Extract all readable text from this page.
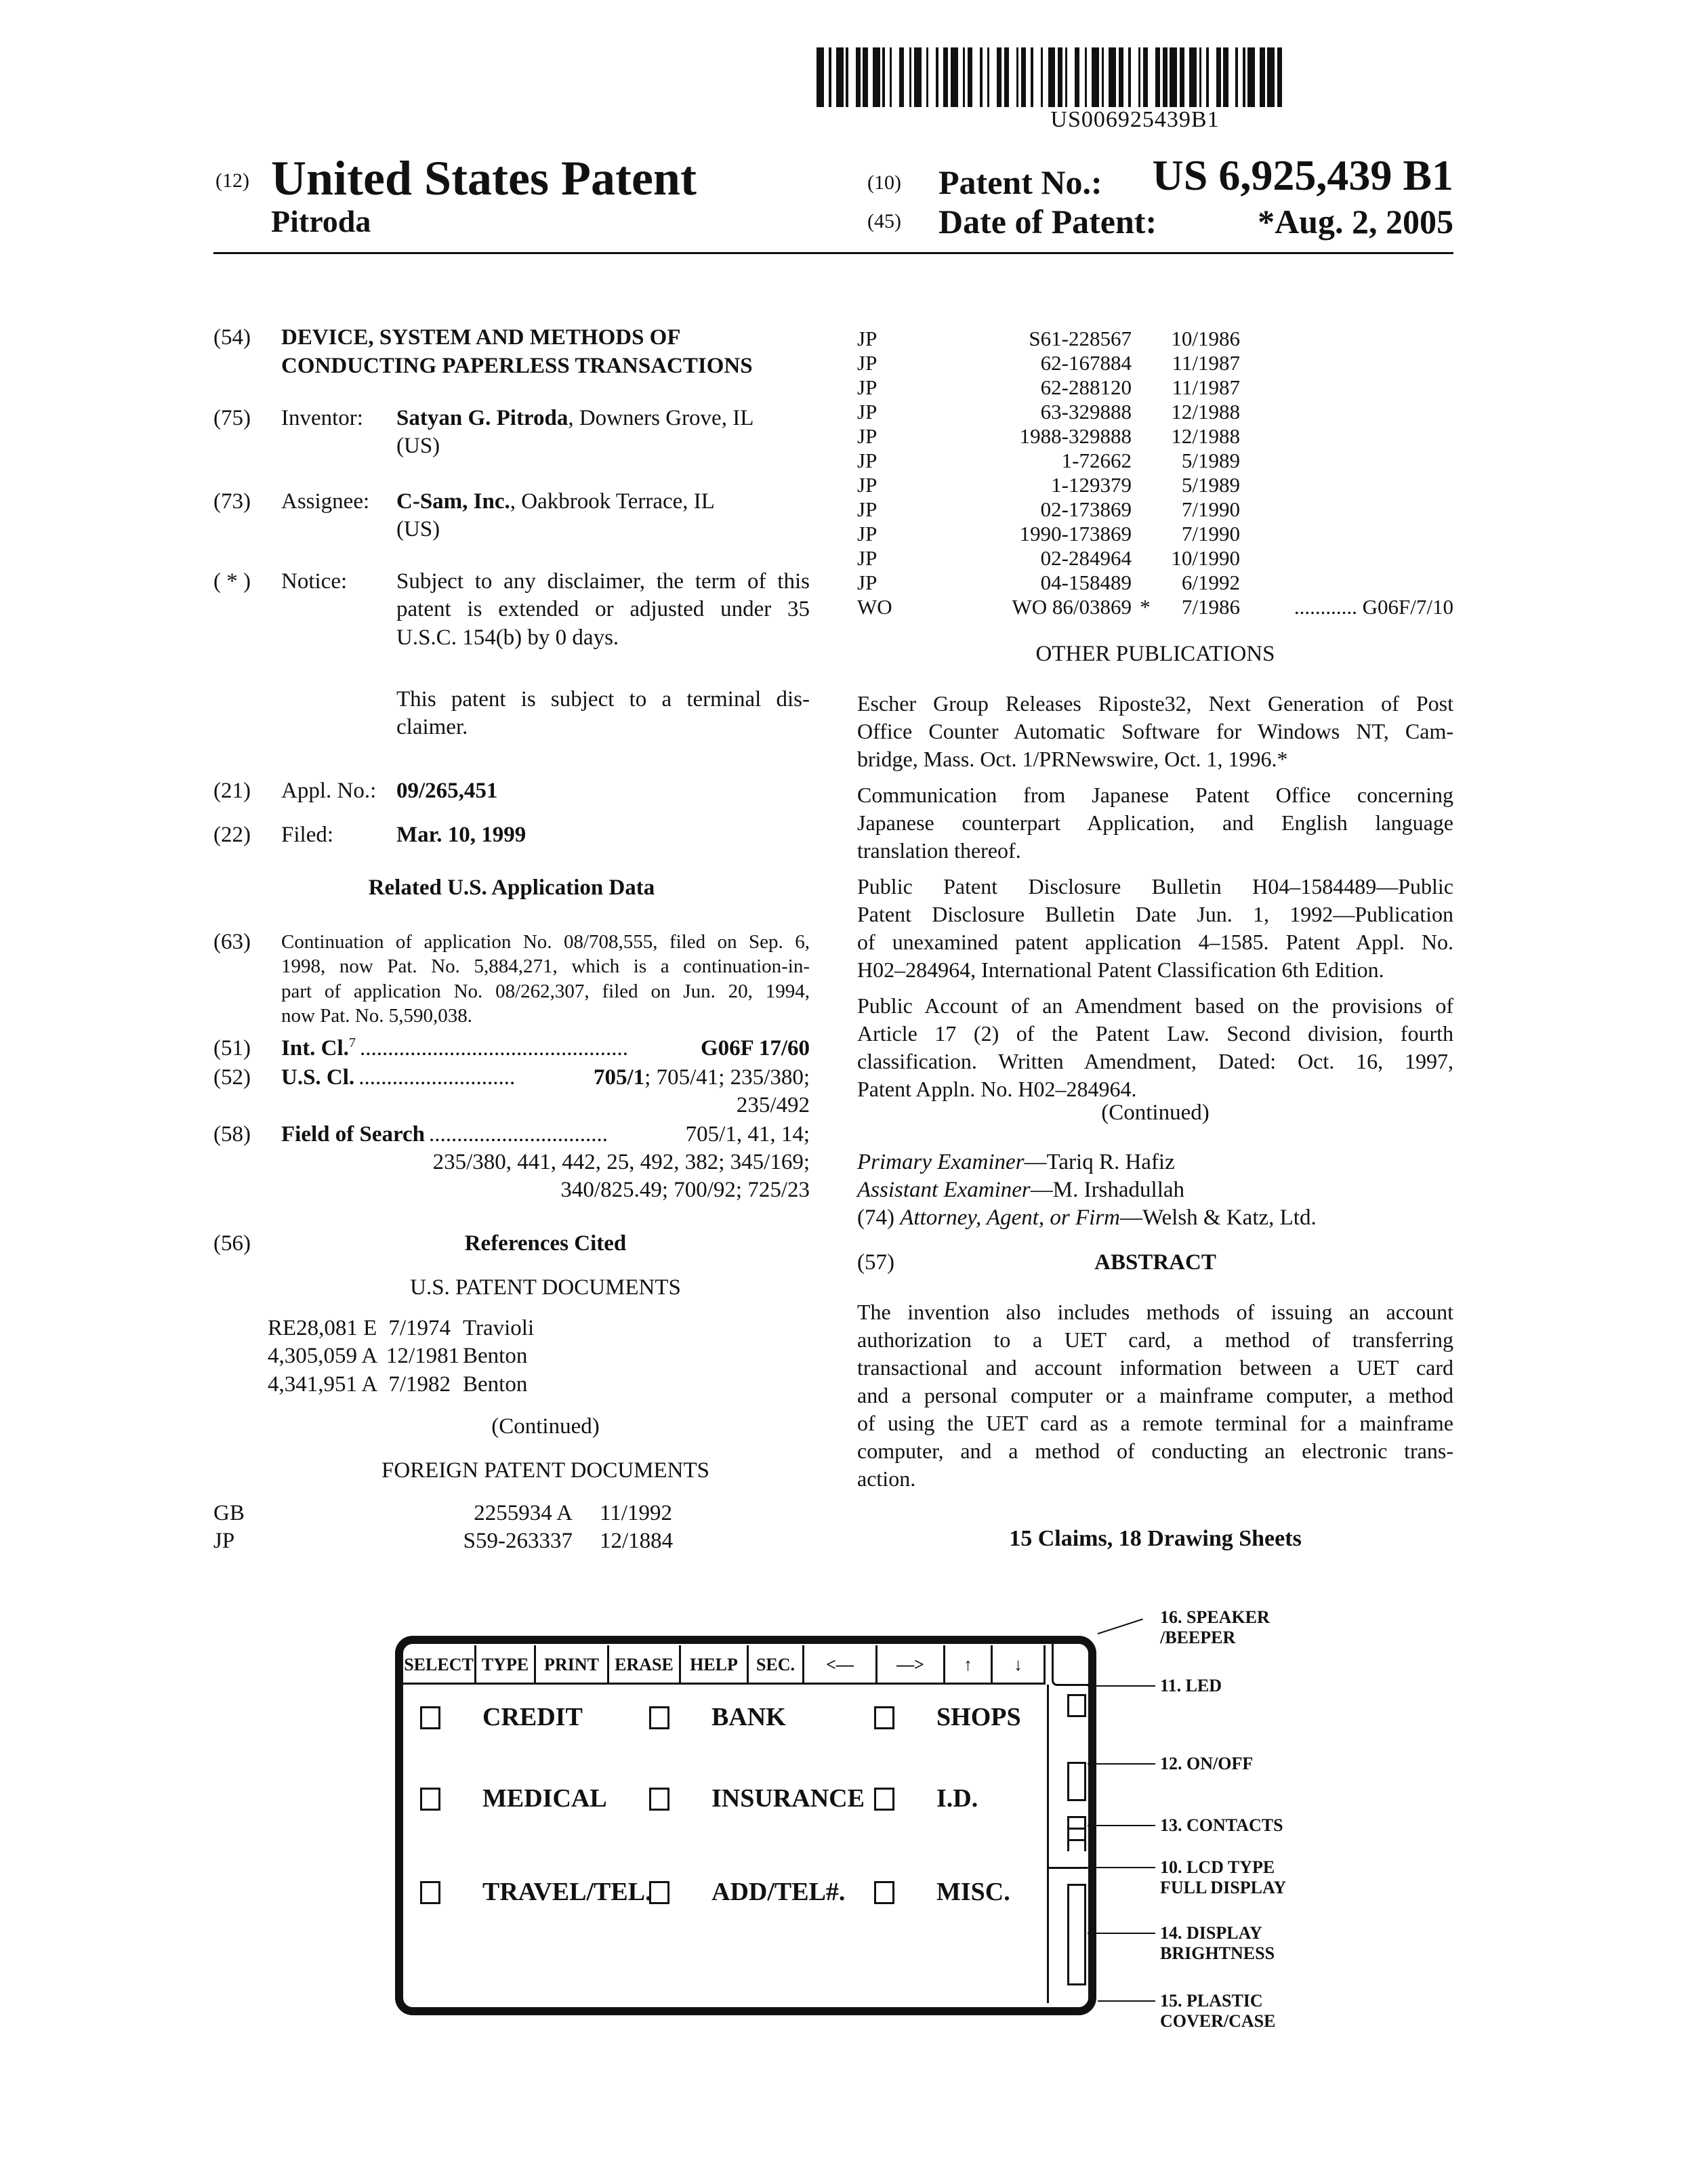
US006925439B1
(12) United States Patent
Pitroda
(10) Patent No.: US 6,925,439 B1
(45) Date of Patent:	*Aug. 2, 2005
(54) DEVICE, SYSTEM AND METHODS OF
CONDUCTING PAPERLESS TRANSACTIONS
(75) Inventor: Satyan G. Pitroda, Downers Grove, IL
(US)
(73) Assignee: C-Sam, Inc., Oakbrook Terrace, IL
(US)
( * ) Notice: Subject to any disclaimer, the term of this
patent is extended or adjusted under 35
U.S.C. 154(b) by 0 days.
This patent is subject to a terminal dis-
claimer.
(21) Appl. No.: 09/265,451
(22) Filed:	Mar. 10, 1999
Related U.S. Application Data
(63) Continuation of application No. 08/708,555, filed on Sep. 6,
1998, now Pat. No. 5,884,271, which is a continuation-in-
part of application No. 08/262,307, filed on Jun. 20, 1994,
now Pat. No. 5,590,038.
(51) Int. Cl. 7 ................................................	G06F 17/60
(52) U.S. Cl. ............................	705/1 ; 705/41; 235/380;
235/492
(58) Field of Search ................................	705/1, 41, 14;
235/380, 441, 442, 25, 492, 382; 345/169;
340/825.49; 700/92; 725/23
(56)	References Cited
U.S. PATENT DOCUMENTS
RE28,081 E 7/1974 Travioli
4,305,059 A 12/1981 Benton
4,341,951 A 7/1982 Benton
(Continued)
FOREIGN PATENT DOCUMENTS
GB	2255934 A	11/1992
JP	S59-263337	12/1884
JP	S61-228567	10/1986
JP	62-167884	11/1987
JP	62-288120	11/1987
JP	63-329888	12/1988
JP	1988-329888	12/1988
JP	1-72662	5/1989
JP	1-129379	5/1989
JP	02-173869	7/1990
JP	1990-173869	7/1990
JP	02-284964	10/1990
JP	04-158489	6/1992
WO	WO 86/03869 *	7/1986	............ G06F/7/10
OTHER PUBLICATIONS
Escher Group Releases Riposte32, Next Generation of Post
Office Counter Automatic Software for Windows NT, Cam-
bridge, Mass. Oct. 1/PRNewswire, Oct. 1, 1996.*
Communication from Japanese Patent Office concerning
Japanese counterpart Application, and English language
translation thereof.
Public Patent Disclosure Bulletin H04–1584489—Public
Patent Disclosure Bulletin Date Jun. 1, 1992—Publication
of unexamined patent application 4–1585. Patent Appl. No.
H02–284964, International Patent Classification 6th Edition.
Public Account of an Amendment based on the provisions of
Article 17 (2) of the Patent Law. Second division, fourth
classification. Written Amendment, Dated: Oct. 16, 1997,
Patent Appln. No. H02–284964.
(Continued)
Primary Examiner—Tariq R. Hafiz
Assistant Examiner—M. Irshadullah
(74) Attorney, Agent, or Firm—Welsh & Katz, Ltd.
(57)	ABSTRACT
The invention also includes methods of issuing an account
authorization to a UET card, a method of transferring
transactional and account information between a UET card
and a personal computer or a mainframe computer, a method
of using the UET card as a remote terminal for a mainframe
computer, and a method of conducting an electronic trans-
action.
15 Claims, 18 Drawing Sheets
SELECT TYPE PRINT ERASE HELP	SEC.	<—	—>	↑	↓
CREDIT	BANK	SHOPS
MEDICAL	INSURANCE	I.D.
TRAVEL/TEL. ADD/TEL#.	MISC.
16. SPEAKER
/BEEPER
11. LED
12. ON/OFF
13. CONTACTS
10. LCD TYPE
FULL DISPLAY
14. DISPLAY
BRIGHTNESS
15. PLASTIC
COVER/CASE
